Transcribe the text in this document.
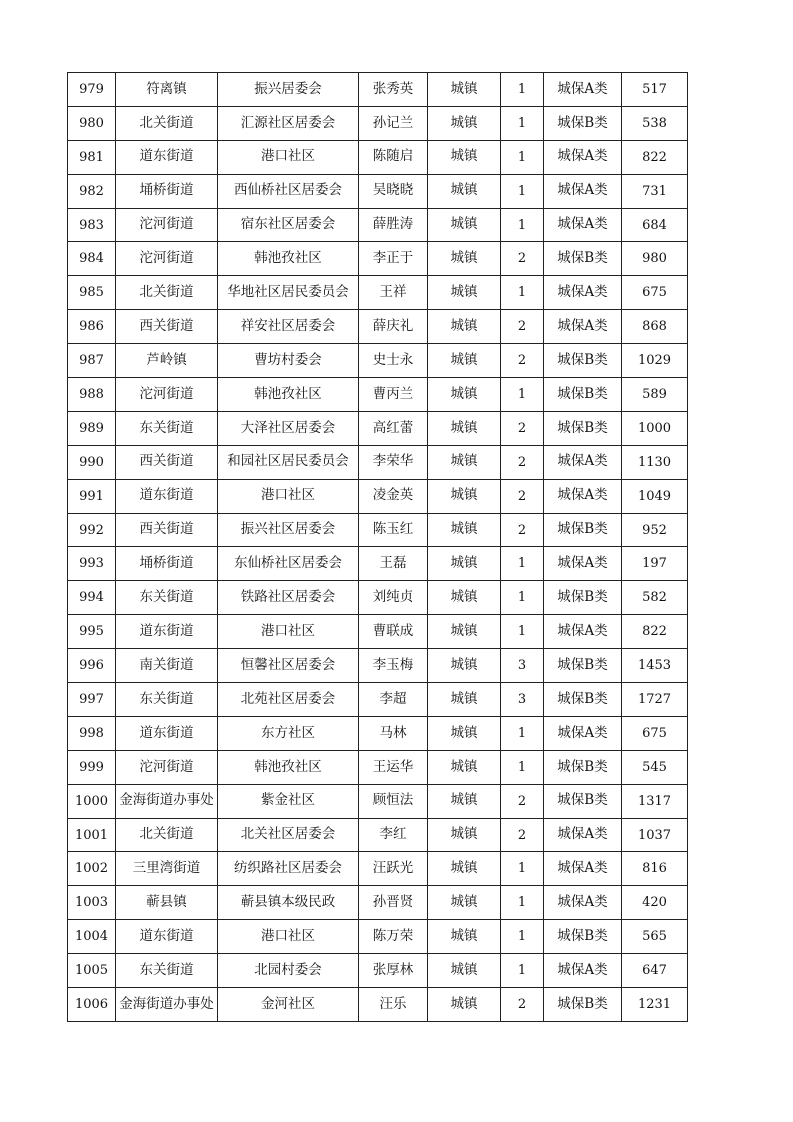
979	符离镇	振兴居委会	张秀英	城镇	1	城保A类	517
980	北关街道	汇源社区居委会	孙记兰	城镇	1	城保B类	538
981	道东街道	港口社区	陈随启	城镇	1	城保A类	822
982	埇桥街道	西仙桥社区居委会	吴晓晓	城镇	1	城保A类	731
983	沱河街道	宿东社区居委会	薛胜涛	城镇	1	城保A类	684
984	沱河街道	韩池孜社区	李正于	城镇	2	城保B类	980
985	北关街道	华地社区居民委员会	王祥	城镇	1	城保A类	675
986	西关街道	祥安社区居委会	薛庆礼	城镇	2	城保A类	868
987	芦岭镇	曹坊村委会	史士永	城镇	2	城保B类	1029
988	沱河街道	韩池孜社区	曹丙兰	城镇	1	城保B类	589
989	东关街道	大泽社区居委会	高红蕾	城镇	2	城保B类	1000
990	西关街道	和园社区居民委员会	李荣华	城镇	2	城保A类	1130
991	道东街道	港口社区	凌金英	城镇	2	城保A类	1049
992	西关街道	振兴社区居委会	陈玉红	城镇	2	城保B类	952
993	埇桥街道	东仙桥社区居委会	王磊	城镇	1	城保A类	197
994	东关街道	铁路社区居委会	刘纯贞	城镇	1	城保B类	582
995	道东街道	港口社区	曹联成	城镇	1	城保A类	822
996	南关街道	恒馨社区居委会	李玉梅	城镇	3	城保B类	1453
997	东关街道	北苑社区居委会	李超	城镇	3	城保B类	1727
998	道东街道	东方社区	马林	城镇	1	城保A类	675
999	沱河街道	韩池孜社区	王运华	城镇	1	城保B类	545
1000	金海街道办事处	紫金社区	顾恒法	城镇	2	城保B类	1317
1001	北关街道	北关社区居委会	李红	城镇	2	城保A类	1037
1002	三里湾街道	纺织路社区居委会	汪跃光	城镇	1	城保A类	816
1003	蕲县镇	蕲县镇本级民政	孙晋贤	城镇	1	城保A类	420
1004	道东街道	港口社区	陈万荣	城镇	1	城保B类	565
1005	东关街道	北园村委会	张厚林	城镇	1	城保A类	647
1006	金海街道办事处	金河社区	汪乐	城镇	2	城保B类	1231
